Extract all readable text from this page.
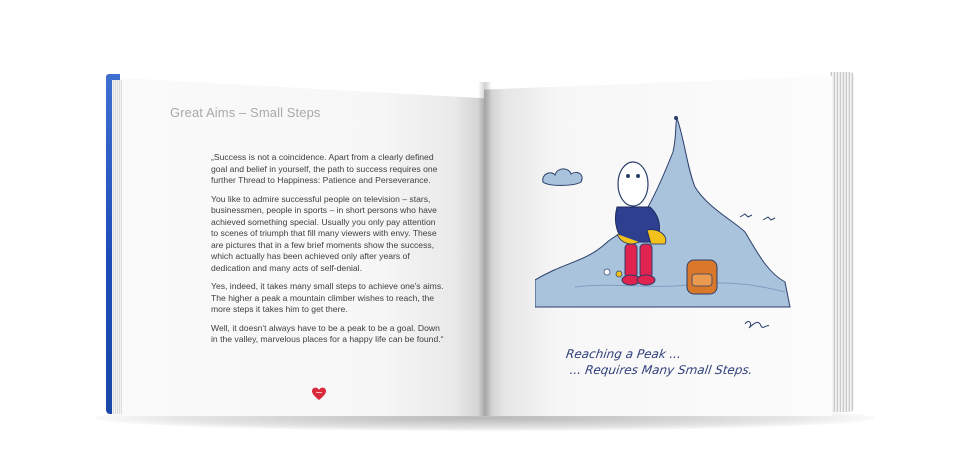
Great Aims – Small Steps

„Success is not a coincidence. Apart from a clearly defined goal and belief in yourself, the path to success requires one further Thread to Happiness: Patience and Perseverance.

You like to admire successful people on television – stars, businessmen, people in sports – in short persons who have achieved something special. Usually you only pay attention to scenes of triumph that fill many viewers with envy. These are pictures that in a few brief moments show the success, which actually has been achieved only after years of dedication and many acts of self-denial.

Yes, indeed, it takes many small steps to achieve one's aims. The higher a peak a mountain climber wishes to reach, the more steps it takes him to get there.

Well, it doesn't always have to be a peak to be a goal. Down in the valley, marvelous places for a happy life can be found.“

Reaching a Peak ...
... Requires Many Small Steps.
